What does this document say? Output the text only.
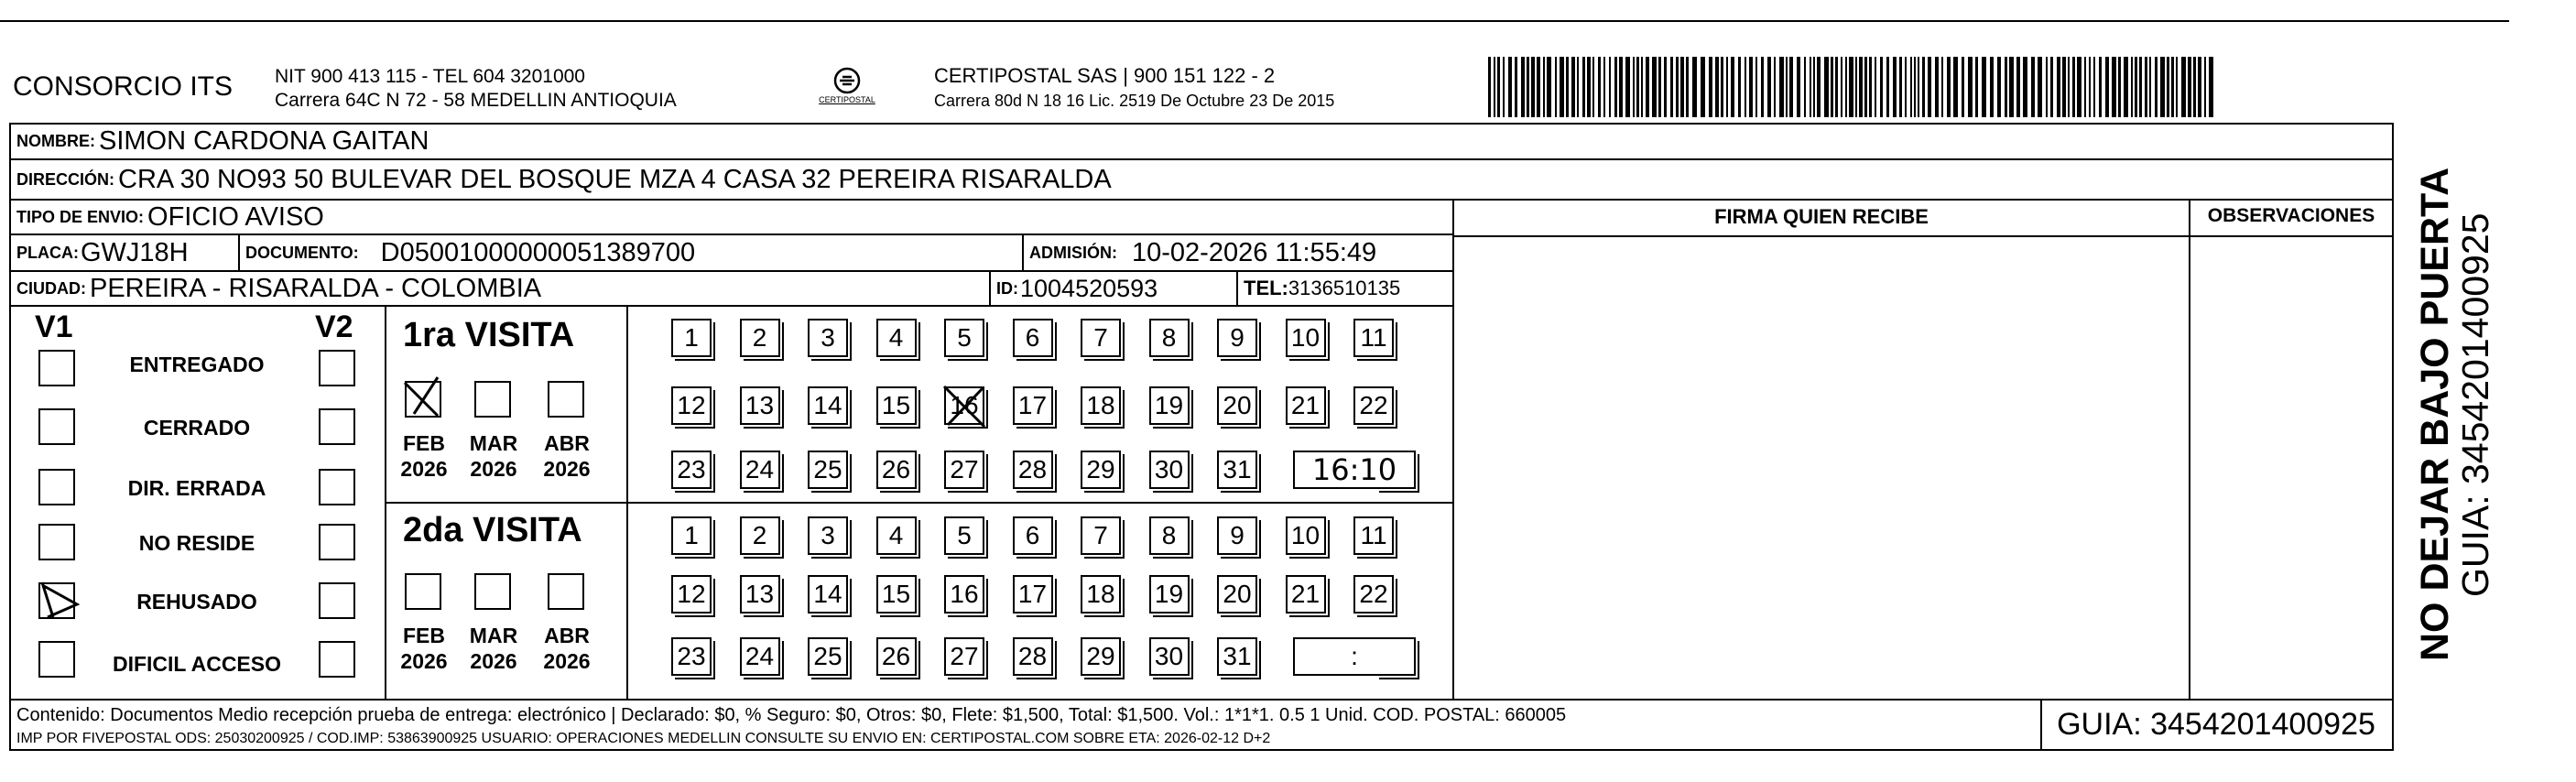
CONSORCIO ITS NIT 900 413 115 - TEL 604 3201000
Carrera 64C N 72 - 58 MEDELLIN ANTIOQUIA	CERTIPOSTAL
CERTIPOSTAL SAS | 900 151 122 - 2
Carrera 80d N 18 16 Lic. 2519 De Octubre 23 De 2015
NOMBRE: SIMON CARDONA GAITAN
DIRECCIÓN: CRA 30 NO93 50 BULEVAR DEL BOSQUE MZA 4 CASA 32 PEREIRA RISARALDA
TIPO DE ENVIO: OFICIO AVISO
PLACA: GWJ18H	DOCUMENTO: D05001000000051389700	ADMISIÓN: 10-02-2026 11:55:49
CIUDAD: PEREIRA - RISARALDA - COLOMBIA	ID: 1004520593	TEL: 3136510135
FIRMA QUIEN RECIBE	OBSERVACIONES
V1	V2
ENTREGADO
CERRADO
DIR. ERRADA
NO RESIDE
REHUSADO
DIFICIL ACCESO
1ra VISITA
FEB
2026
MAR
2026
ABR
2026
1	2	3	4	5	6	7	8	9	10 11
12 13 14 15 16 17 18 19 20 21 22
23 24 25 26 27 28 29 30 31	16:10
2da VISITA
FEB
2026
MAR
2026
ABR
2026
1	2	3	4	5	6	7	8	9	10 11
12 13 14 15 16 17 18 19 20 21 22
23 24 25 26 27 28 29 30 31	:
Contenido: Documentos Medio recepción prueba de entrega: electrónico | Declarado: $0, % Seguro: $0, Otros: $0, Flete: $1,500, Total: $1,500. Vol.: 1*1*1. 0.5 1 Unid. COD. POSTAL: 660005
IMP POR FIVEPOSTAL ODS: 25030200925 / COD.IMP: 53863900925 USUARIO: OPERACIONES MEDELLIN CONSULTE SU ENVIO EN: CERTIPOSTAL.COM SOBRE ETA: 2026-02-12 D+2	GUIA: 3454201400925
NO DEJAR BAJO PUERTA
GUIA: 3454201400925
